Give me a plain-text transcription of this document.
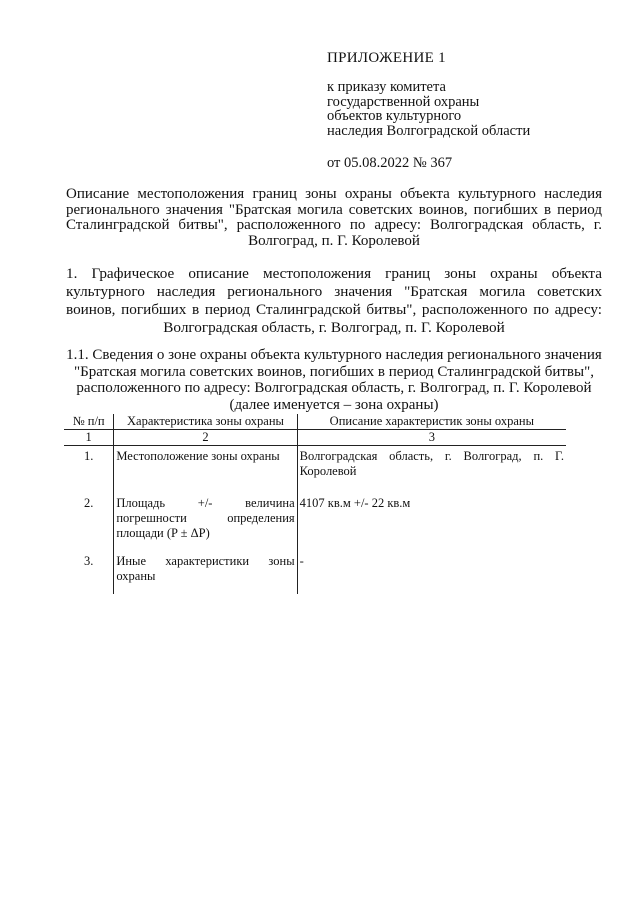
ПРИЛОЖЕНИЕ 1
к приказу комитета
государственной охраны
объектов культурного
наследия Волгоградской области
от 05.08.2022 № 367
Описание местоположения границ зоны охраны объекта культурного наследия регионального значения "Братская могила советских воинов, погибших в период Сталинградской битвы", расположенного по адресу: Волгоградская область, г. Волгоград, п. Г. Королевой
1. Графическое описание местоположения границ зоны охраны объекта культурного наследия регионального значения "Братская могила советских воинов, погибших в период Сталинградской битвы", расположенного по адресу: Волгоградская область, г. Волгоград, п. Г. Королевой
1.1. Сведения о зоне охраны объекта культурного наследия регионального значения "Братская могила советских воинов, погибших в период Сталинградской битвы", расположенного по адресу: Волгоградская область, г. Волгоград, п. Г. Королевой (далее именуется – зона охраны)
№ п/п	Характеристика зоны охраны	Описание характеристик зоны охраны
1	2	3
1.	Местоположение зоны охраны	Волгоградская область, г. Волгоград, п. Г. Королевой
2.	Площадь +/- величина погрешности определения площади (P ± ΔP)	4107 кв.м +/- 22 кв.м
3.	Иные характеристики зоны охраны	-
